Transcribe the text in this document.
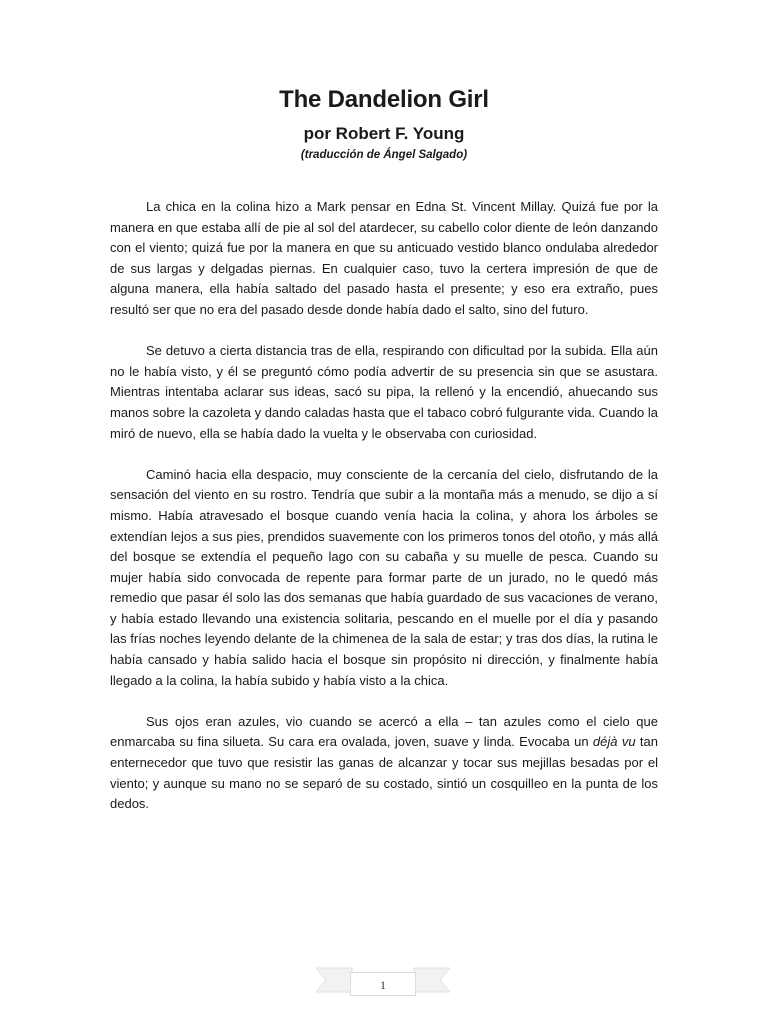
The Dandelion Girl
por Robert F. Young
(traducción de Ángel Salgado)

La chica en la colina hizo a Mark pensar en Edna St. Vincent Millay. Quizá fue por la manera en que estaba allí de pie al sol del atardecer, su cabello color diente de león danzando con el viento; quizá fue por la manera en que su anticuado vestido blanco ondulaba alrededor de sus largas y delgadas piernas. En cualquier caso, tuvo la certera impresión de que de alguna manera, ella había saltado del pasado hasta el presente; y eso era extraño, pues resultó ser que no era del pasado desde donde había dado el salto, sino del futuro.

Se detuvo a cierta distancia tras de ella, respirando con dificultad por la subida. Ella aún no le había visto, y él se preguntó cómo podía advertir de su presencia sin que se asustara. Mientras intentaba aclarar sus ideas, sacó su pipa, la rellenó y la encendió, ahuecando sus manos sobre la cazoleta y dando caladas hasta que el tabaco cobró fulgurante vida. Cuando la miró de nuevo, ella se había dado la vuelta y le observaba con curiosidad.

Caminó hacia ella despacio, muy consciente de la cercanía del cielo, disfrutando de la sensación del viento en su rostro. Tendría que subir a la montaña más a menudo, se dijo a sí mismo. Había atravesado el bosque cuando venía hacia la colina, y ahora los árboles se extendían lejos a sus pies, prendidos suavemente con los primeros tonos del otoño, y más allá del bosque se extendía el pequeño lago con su cabaña y su muelle de pesca. Cuando su mujer había sido convocada de repente para formar parte de un jurado, no le quedó más remedio que pasar él solo las dos semanas que había guardado de sus vacaciones de verano, y había estado llevando una existencia solitaria, pescando en el muelle por el día y pasando las frías noches leyendo delante de la chimenea de la sala de estar; y tras dos días, la rutina le había cansado y había salido hacia el bosque sin propósito ni dirección, y finalmente había llegado a la colina, la había subido y había visto a la chica.

Sus ojos eran azules, vio cuando se acercó a ella – tan azules como el cielo que enmarcaba su fina silueta. Su cara era ovalada, joven, suave y linda. Evocaba un déjà vu tan enternecedor que tuvo que resistir las ganas de alcanzar y tocar sus mejillas besadas por el viento; y aunque su mano no se separó de su costado, sintió un cosquilleo en la punta de los dedos.

1
